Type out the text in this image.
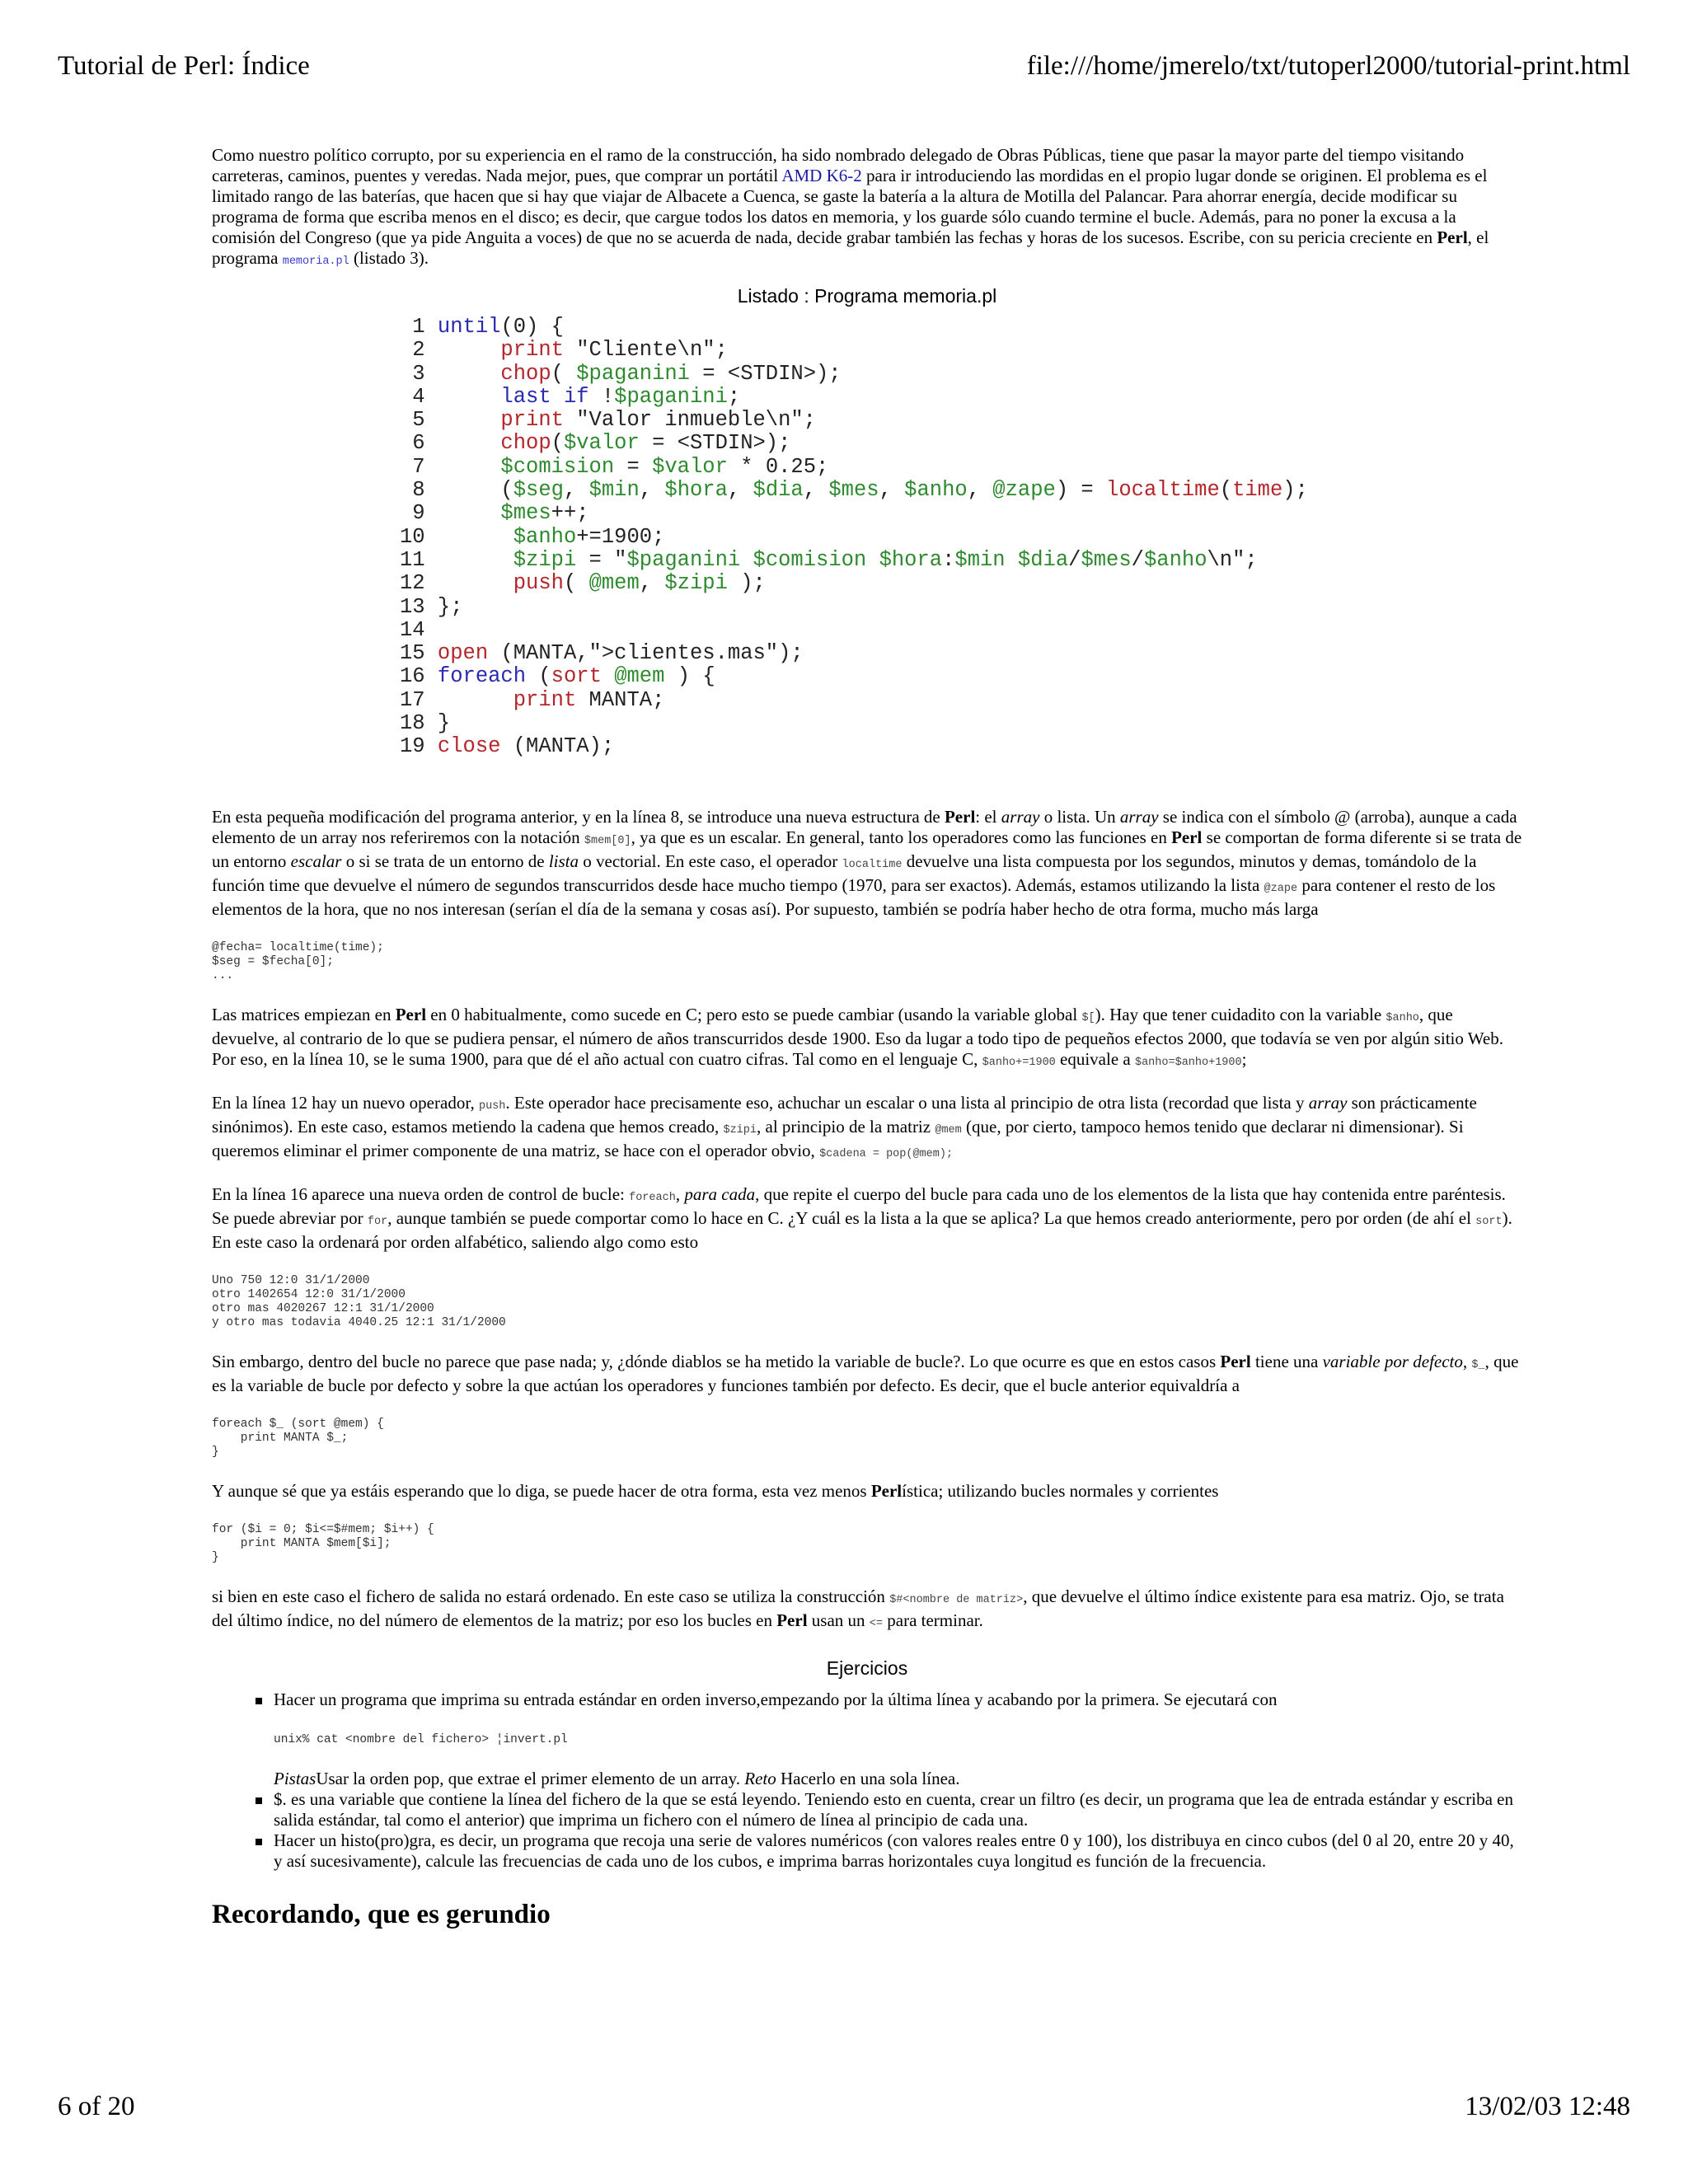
Tutorial de Perl: Índice	file:///home/jmerelo/txt/tutoperl2000/tutorial-print.html

Como nuestro político corrupto, por su experiencia en el ramo de la construcción, ha sido nombrado delegado de Obras Públicas, tiene que pasar la mayor parte del tiempo visitando carreteras, caminos, puentes y veredas. Nada mejor, pues, que comprar un portátil AMD K6-2 para ir introduciendo las mordidas en el propio lugar donde se originen. El problema es el limitado rango de las baterías, que hacen que si hay que viajar de Albacete a Cuenca, se gaste la batería a la altura de Motilla del Palancar. Para ahorrar energía, decide modificar su programa de forma que escriba menos en el disco; es decir, que cargue todos los datos en memoria, y los guarde sólo cuando termine el bucle. Además, para no poner la excusa a la comisión del Congreso (que ya pide Anguita a voces) de que no se acuerda de nada, decide grabar también las fechas y horas de los sucesos. Escribe, con su pericia creciente en Perl, el programa memoria.pl (listado 3).

Listado : Programa memoria.pl
1 until(0) {
2      print "Cliente\n";
3      chop( $paganini = <STDIN>);
4      last if !$paganini;
5      print "Valor inmueble\n";
6      chop($valor = <STDIN>);
7      $comision = $valor * 0.25;
8      ($seg, $min, $hora, $dia, $mes, $anho, @zape) = localtime(time);
9      $mes++;
10       $anho+=1900;
11       $zipi = "$paganini $comision $hora:$min $dia/$mes/$anho\n";
12       push( @mem, $zipi );
13 };
14
15 open (MANTA,">clientes.mas");
16 foreach (sort @mem ) {
17       print MANTA;
18 }
19 close (MANTA);

En esta pequeña modificación del programa anterior, y en la línea 8, se introduce una nueva estructura de Perl: el array o lista. Un array se indica con el símbolo @ (arroba), aunque a cada elemento de un array nos referiremos con la notación $mem[0], ya que es un escalar. En general, tanto los operadores como las funciones en Perl se comportan de forma diferente si se trata de un entorno escalar o si se trata de un entorno de lista o vectorial. En este caso, el operador localtime devuelve una lista compuesta por los segundos, minutos y demas, tomándolo de la función time que devuelve el número de segundos transcurridos desde hace mucho tiempo (1970, para ser exactos). Además, estamos utilizando la lista @zape para contener el resto de los elementos de la hora, que no nos interesan (serían el día de la semana y cosas así). Por supuesto, también se podría haber hecho de otra forma, mucho más larga

@fecha= localtime(time);
$seg = $fecha[0];
...

Las matrices empiezan en Perl en 0 habitualmente, como sucede en C; pero esto se puede cambiar (usando la variable global $[). Hay que tener cuidadito con la variable $anho, que devuelve, al contrario de lo que se pudiera pensar, el número de años transcurridos desde 1900. Eso da lugar a todo tipo de pequeños efectos 2000, que todavía se ven por algún sitio Web. Por eso, en la línea 10, se le suma 1900, para que dé el año actual con cuatro cifras. Tal como en el lenguaje C, $anho+=1900 equivale a $anho=$anho+1900;

En la línea 12 hay un nuevo operador, push. Este operador hace precisamente eso, achuchar un escalar o una lista al principio de otra lista (recordad que lista y array son prácticamente sinónimos). En este caso, estamos metiendo la cadena que hemos creado, $zipi, al principio de la matriz @mem (que, por cierto, tampoco hemos tenido que declarar ni dimensionar). Si queremos eliminar el primer componente de una matriz, se hace con el operador obvio, $cadena = pop(@mem);

En la línea 16 aparece una nueva orden de control de bucle: foreach, para cada, que repite el cuerpo del bucle para cada uno de los elementos de la lista que hay contenida entre paréntesis. Se puede abreviar por for, aunque también se puede comportar como lo hace en C. ¿Y cuál es la lista a la que se aplica? La que hemos creado anteriormente, pero por orden (de ahí el sort). En este caso la ordenará por orden alfabético, saliendo algo como esto

Uno 750 12:0 31/1/2000
otro 1402654 12:0 31/1/2000
otro mas 4020267 12:1 31/1/2000
y otro mas todavia 4040.25 12:1 31/1/2000

Sin embargo, dentro del bucle no parece que pase nada; y, ¿dónde diablos se ha metido la variable de bucle?. Lo que ocurre es que en estos casos Perl tiene una variable por defecto, $_, que es la variable de bucle por defecto y sobre la que actúan los operadores y funciones también por defecto. Es decir, que el bucle anterior equivaldría a

foreach $_ (sort @mem) {
print MANTA $_;
}

Y aunque sé que ya estáis esperando que lo diga, se puede hacer de otra forma, esta vez menos Perlística; utilizando bucles normales y corrientes

for ($i = 0; $i<=$#mem; $i++) {
print MANTA $mem[$i];
}

si bien en este caso el fichero de salida no estará ordenado. En este caso se utiliza la construcción $#<nombre de matriz>, que devuelve el último índice existente para esa matriz. Ojo, se trata del último índice, no del número de elementos de la matriz; por eso los bucles en Perl usan un <= para terminar.

Ejercicios
Hacer un programa que imprima su entrada estándar en orden inverso,empezando por la última línea y acabando por la primera. Se ejecutará con
unix% cat <nombre del fichero> ¦invert.pl
PistasUsar la orden pop, que extrae el primer elemento de un array. Reto Hacerlo en una sola línea.
$. es una variable que contiene la línea del fichero de la que se está leyendo. Teniendo esto en cuenta, crear un filtro (es decir, un programa que lea de entrada estándar y escriba en salida estándar, tal como el anterior) que imprima un fichero con el número de línea al principio de cada una.
Hacer un histo(pro)gra, es decir, un programa que recoja una serie de valores numéricos (con valores reales entre 0 y 100), los distribuya en cinco cubos (del 0 al 20, entre 20 y 40, y así sucesivamente), calcule las frecuencias de cada uno de los cubos, e imprima barras horizontales cuya longitud es función de la frecuencia.
Recordando, que es gerundio
6 of 20	13/02/03 12:48
